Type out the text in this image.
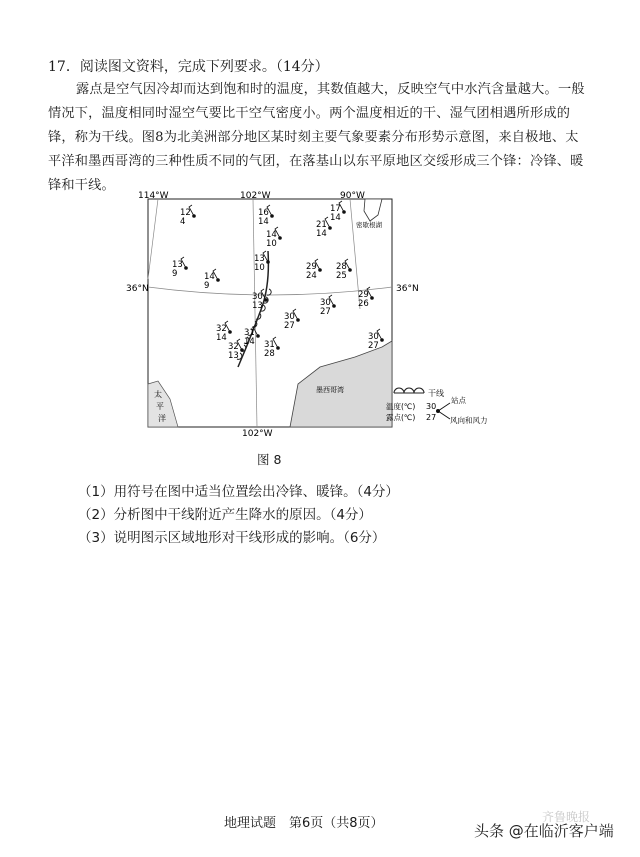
17．阅读图文资料，完成下列要求。（14分）
露点是空气因冷却而达到饱和时的温度，其数值越大，反映空气中水汽含量越大。一般情况下，温度相同时湿空气要比干空气密度小。两个温度相近的干、湿气团相遇所形成的锋，称为干线。图8为北美洲部分地区某时刻主要气象要素分布形势示意图，来自极地、太平洋和墨西哥湾的三种性质不同的气团，在落基山以东平原地区交绥形成三个锋：冷锋、暖锋和干线。
114°W	102°W	90°W
102°W
36°N	36°N
密歇根湖
墨西哥湾
太
平
洋
12
4
16
14
17
14
21
14
14
10
13
10
13
9	14
9
29
24
28
25
29
26
30
13	30
27
30
27
32
14 31
14 31
28
32
13
30
27
干线
温度(℃)
露点(℃)
30
27
站点
风向和风力
图 8
（1）用符号在图中适当位置绘出冷锋、暖锋。（4分）
（2）分析图中干线附近产生降水的原因。（4分）
（3）说明图示区域地形对干线形成的影响。（6分）
地理试题　第6页（共8页）	齐鲁晚报
头条 @在临沂客户端
